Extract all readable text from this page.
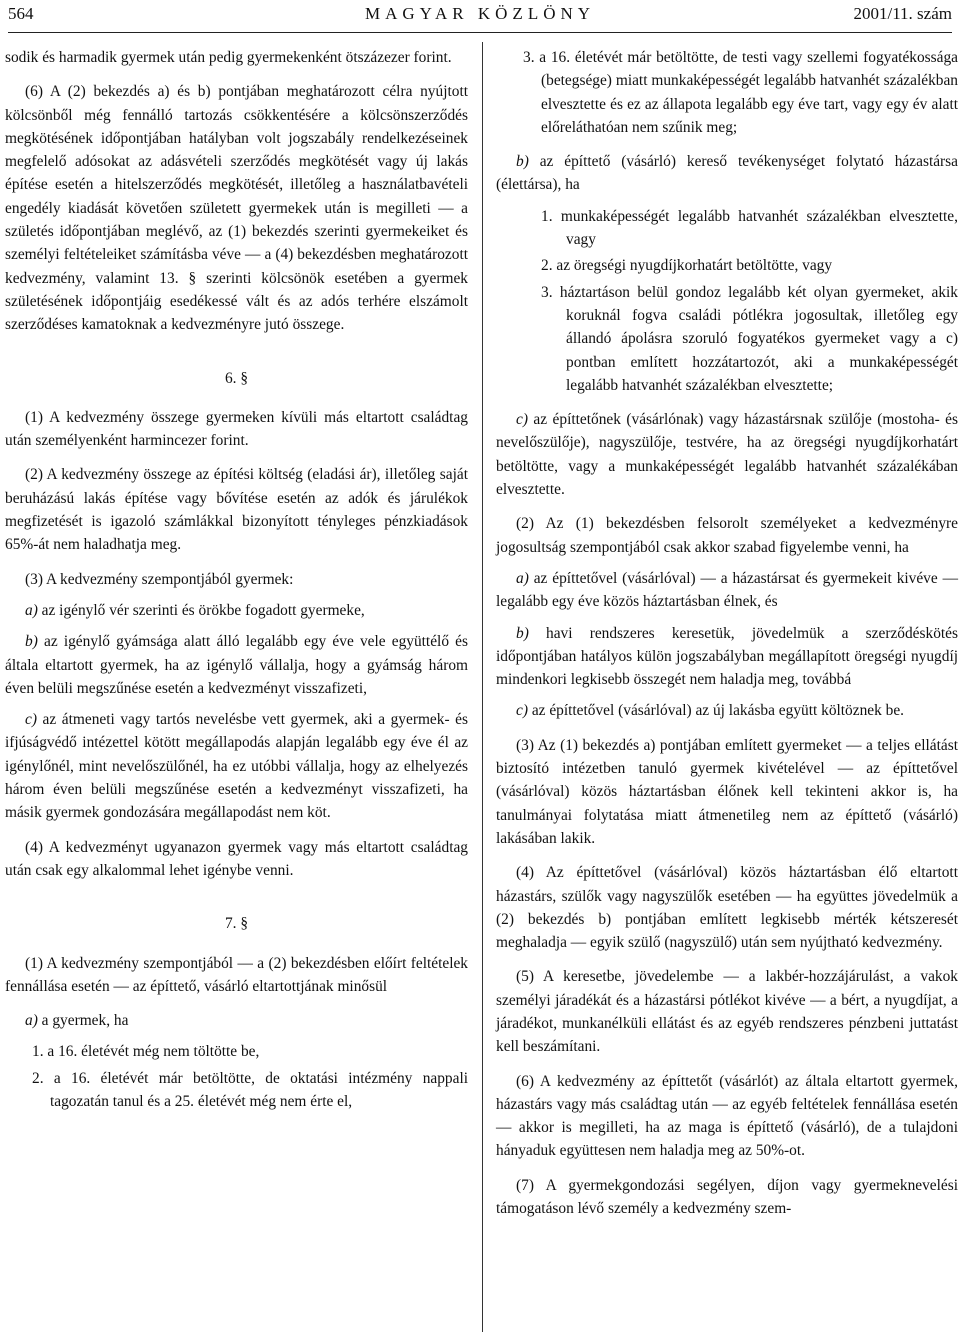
564	MAGYAR KÖZLÖNY	2001/11. szám

sodik és harmadik gyermek után pedig gyermekenként ötszázezer forint.

(6) A (2) bekezdés a) és b) pontjában meghatározott célra nyújtott kölcsönből még fennálló tartozás csökkentésére a kölcsönszerződés megkötésének időpontjában hatályban volt jogszabály rendelkezéseinek megfelelő adósokat az adásvételi szerződés megkötését vagy új lakás építése esetén a hitelszerződés megkötését, illetőleg a használatbavételi engedély kiadását követően született gyermekek után is megilleti — a születés időpontjában meglévő, az (1) bekezdés szerinti gyermekeiket és személyi feltételeiket számításba véve — a (4) bekezdésben meghatározott kedvezmény, valamint 13. § szerinti kölcsönök esetében a gyermek születésének időpontjáig esedékessé vált és az adós terhére elszámolt szerződéses kamatoknak a kedvezményre jutó összege.

6. §

(1) A kedvezmény összege gyermeken kívüli más eltartott családtag után személyenként harmincezer forint.

(2) A kedvezmény összege az építési költség (eladási ár), illetőleg saját beruházású lakás építése vagy bővítése esetén az adók és járulékok megfizetését is igazoló számlákkal bizonyított tényleges pénzkiadások 65%-át nem haladhatja meg.

(3) A kedvezmény szempontjából gyermek:

a) az igénylő vér szerinti és örökbe fogadott gyermeke,

b) az igénylő gyámsága alatt álló legalább egy éve vele együttélő és általa eltartott gyermek, ha az igénylő vállalja, hogy a gyámság három éven belüli megszűnése esetén a kedvezményt visszafizeti,

c) az átmeneti vagy tartós nevelésbe vett gyermek, aki a gyermek- és ifjúságvédő intézettel kötött megállapodás alapján legalább egy éve él az igénylőnél, mint nevelőszülőnél, ha ez utóbbi vállalja, hogy az elhelyezés három éven belüli megszűnése esetén a kedvezményt visszafizeti, ha másik gyermek gondozására megállapodást nem köt.

(4) A kedvezményt ugyanazon gyermek vagy más eltartott családtag után csak egy alkalommal lehet igénybe venni.

7. §

(1) A kedvezmény szempontjából — a (2) bekezdésben előírt feltételek fennállása esetén — az építtető, vásárló eltartottjának minősül

a) a gyermek, ha

1. a 16. életévét még nem töltötte be,
2. a 16. életévét már betöltötte, de oktatási intézmény nappali tagozatán tanul és a 25. életévét még nem érte el,
3. a 16. életévét már betöltötte, de testi vagy szellemi fogyatékossága (betegsége) miatt munkaképességét legalább hatvanhét százalékban elvesztette és ez az állapota legalább egy éve tart, vagy egy év alatt előreláthatóan nem szűnik meg;

b) az építtető (vásárló) kereső tevékenységet folytató házastársa (élettársa), ha

1. munkaképességét legalább hatvanhét százalékban elvesztette, vagy
2. az öregségi nyugdíjkorhatárt betöltötte, vagy
3. háztartáson belül gondoz legalább két olyan gyermeket, akik koruknál fogva családi pótlékra jogosultak, illetőleg egy állandó ápolásra szoruló fogyatékos gyermeket vagy a c) pontban említett hozzátartozót, aki a munkaképességét legalább hatvanhét százalékban elvesztette;

c) az építtetőnek (vásárlónak) vagy házastársnak szülője (mostoha- és nevelőszülője), nagyszülője, testvére, ha az öregségi nyugdíjkorhatárt betöltötte, vagy a munkaképességét legalább hatvanhét százalékában elvesztette.

(2) Az (1) bekezdésben felsorolt személyeket a kedvezményre jogosultság szempontjából csak akkor szabad figyelembe venni, ha

a) az építtetővel (vásárlóval) — a házastársat és gyermekeit kivéve — legalább egy éve közös háztartásban élnek, és

b) havi rendszeres keresetük, jövedelmük a szerződéskötés időpontjában hatályos külön jogszabályban megállapított öregségi nyugdíj mindenkori legkisebb összegét nem haladja meg, továbbá

c) az építtetővel (vásárlóval) az új lakásba együtt költöznek be.

(3) Az (1) bekezdés a) pontjában említett gyermeket — a teljes ellátást biztosító intézetben tanuló gyermek kivételével — az építtetővel (vásárlóval) közös háztartásban élőnek kell tekinteni akkor is, ha tanulmányai folytatása miatt átmenetileg nem az építtető (vásárló) lakásában lakik.

(4) Az építtetővel (vásárlóval) közös háztartásban élő eltartott házastárs, szülők vagy nagyszülők esetében — ha együttes jövedelmük a (2) bekezdés b) pontjában említett legkisebb mérték kétszeresét meghaladja — egyik szülő (nagyszülő) után sem nyújtható kedvezmény.

(5) A keresetbe, jövedelembe — a lakbér-hozzájárulást, a vakok személyi járadékát és a házastársi pótlékot kivéve — a bért, a nyugdíjat, a járadékot, munkanélküli ellátást és az egyéb rendszeres pénzbeni juttatást kell beszámítani.

(6) A kedvezmény az építtetőt (vásárlót) az általa eltartott gyermek, házastárs vagy más családtag után — az egyéb feltételek fennállása esetén — akkor is megilleti, ha az maga is építtető (vásárló), de a tulajdoni hányaduk együttesen nem haladja meg az 50%-ot.

(7) A gyermekgondozási segélyen, díjon vagy gyermeknevelési támogatáson lévő személy a kedvezmény szem-
